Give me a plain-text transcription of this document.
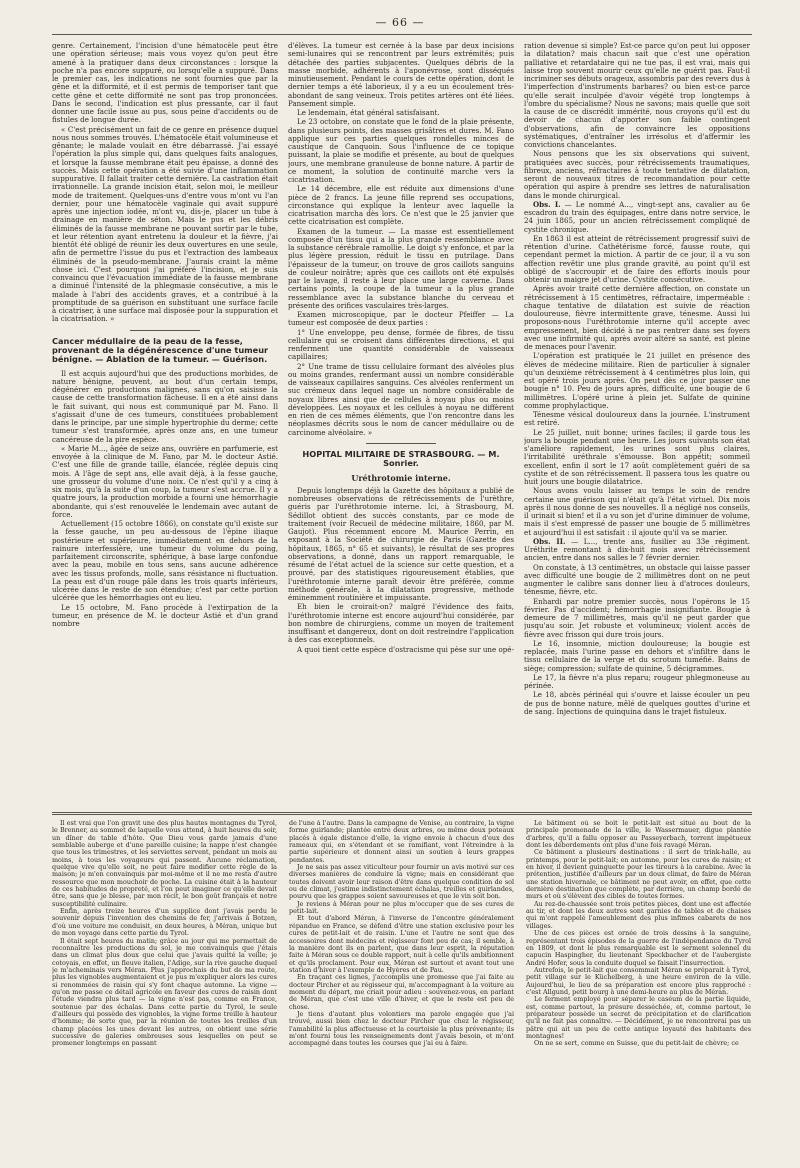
— 66 —

genre. Certainement, l'incision d'une hématocèle peut être une opération sérieuse; mais vous voyez qu'on peut être amené à la pratiquer dans deux circonstances : lorsque la poche n'a pas encore suppuré, ou lorsqu'elle a suppuré. Dans le premier cas, les indications ne sont fournies que par la gêne et la difformité, et il est permis de temporiser tant que cette gêne et cette difformité ne sont pas trop prononcées. Dans le second, l'indication est plus pressante, car il faut donner une facile issue au pus, sous peine d'accidents ou de fistules de longue durée.

« C'est précisément un fait de ce genre en présence duquel nous nous sommes trouvés. L'hématocèle était volumineuse et gênante; le malade voulait en être débarrassé. J'ai essayé l'opération la plus simple qui, dans quelques faits analogues, et lorsque la fausse membrane était peu épaisse, a donné des succès. Mais cette opération a été suivie d'une inflammation suppurative. Il fallait traiter cette dernière. La castration était irrationnelle. La grande incision était, selon moi, le meilleur mode de traitement. Quelques-uns d'entre vous m'ont vu l'an dernier, pour une hématocèle vaginale qui avait suppuré après une injection iodée, m'ont vu, dis-je, placer un tube à drainage en manière de séton. Mais le pus et les débris éliminés de la fausse membrane ne pouvant sortir par le tube, et leur rétention ayant entretenu la douleur et la fièvre, j'ai bientôt été obligé de réunir les deux ouvertures en une seule, afin de permettre l'issue du pus et l'extraction des lambeaux éliminés de la pseudo-membrane. J'aurais craint la même chose ici. C'est pourquoi j'ai préféré l'incision, et je suis convaincu que l'évacuation immédiate de la fausse membrane a diminué l'intensité de la phlegmasie consécutive, a mis le malade à l'abri des accidents graves, et a contribué à la promptitude de sa guérison en substituant une surface facile à cicatriser, à une surface mal disposée pour la suppuration et la cicatrisation. »

Cancer médullaire de la peau de la fesse, provenant de la dégénérescence d'une tumeur bénigne. — Ablation de la tumeur. — Guérison.

Il est acquis aujourd'hui que des productions morbides, de nature bénigne, peuvent, au bout d'un certain temps, dégénérer en productions malignes, sans qu'on saisisse la cause de cette transformation fâcheuse. Il en a été ainsi dans le fait suivant, qui nous est communiqué par M. Fano. Il s'agissait d'une de ces tumeurs, constituées probablement dans le principe, par une simple hypertrophie du derme; cette tumeur s'est transformée, après onze ans, en une tumeur cancéreuse de la pire espèce.

« Marie M..., âgée de seize ans, ouvrière en parfumerie, est envoyée à la clinique de M. Fano, par M. le docteur Astié. C'est une fille de grande taille, élancée, réglée depuis cinq mois. A l'âge de sept ans, elle avait déjà, à la fesse gauche, une grosseur du volume d'une noix. Ce n'est qu'il y a cinq à six mois, qu'à la suite d'un coup, la tumeur s'est accrue. Il y a quatre jours, la production morbide a fourni une hémorrhagie abondante, qui s'est renouvelée le lendemain avec autant de force.

Actuellement (15 octobre 1866), on constate qu'il existe sur la fesse gauche, un peu au-dessous de l'épine iliaque postérieure et supérieure, immédiatement en dehors de la rainure interfessière, une tumeur du volume du poing, parfaitement circonscrite, sphérique, à base large confondue avec la peau, mobile en tous sens, sans aucune adhérence avec les tissus profonds, molle, sans résistance ni fluctuation. La peau est d'un rouge pâle dans les trois quarts inférieurs, ulcérée dans le reste de son étendue; c'est par cette portion ulcérée que les hémorrhagies ont eu lieu.

Le 15 octobre, M. Fano procède à l'extirpation de la tumeur, en présence de M. le docteur Astié et d'un grand nombre

d'élèves. La tumeur est cernée à la base par deux incisions semi-lunaires qui se rencontrent par leurs extrémités; puis détachée des parties subjacentes. Quelques débris de la masse morbide, adhérents à l'aponévrose, sont disséqués minutieusement. Pendant le cours de cette opération, dont le dernier temps a été laborieux, il y a eu un écoulement très-abondant de sang veineux. Trois petites artères ont été liées. Pansement simple.

Le lendemain, état général satisfaisant.

Le 23 octobre, on constate que le fond de la plaie présente, dans plusieurs points, des masses grisâtres et dures. M. Fano applique sur ces parties quelques rondelles minces de caustique de Canquoin. Sous l'influence de ce topique puissant, la plaie se modifie et présente, au bout de quelques jours, une membrane granuleuse de bonne nature. A partir de ce moment, la solution de continuité marche vers la cicatrisation.

Le 14 décembre, elle est réduite aux dimensions d'une pièce de 2 francs. La jeune fille reprend ses occupations, circonstance qui explique la lenteur avec laquelle la cicatrisation marcha dès lors. Ce n'est que le 25 janvier que cette cicatrisation est complète.

Examen de la tumeur. — La masse est essentiellement composée d'un tissu qui a la plus grande ressemblance avec la substance cérébrale ramollie. Le doigt s'y enfonce, et par la plus légère pression, réduit le tissu en putrilage. Dans l'épaisseur de la tumeur, on trouve de gros caillots sanguins de couleur noirâtre; après que ces caillots ont été expulsés par le lavage, il reste à leur place une large caverne. Dans certains points, la coupe de la tumeur a la plus grande ressemblance avec la substance blanche du cerveau et présente des orifices vasculaires très-larges.

Examen microscopique, par le docteur Pfeiffer — La tumeur est composée de deux parties :

1° Une enveloppe, peu dense, formée de fibres, de tissu cellulaire qui se croisent dans différentes directions, et qui renferment une quantité considérable de vaisseaux capillaires;

2° Une trame de tissu cellulaire formant des alvéoles plus ou moins grandes, renfermant aussi un nombre considérable de vaisseaux capillaires sanguins. Ces alvéoles renferment un suc crémeux dans lequel nage un nombre considérable de noyaux libres ainsi que de cellules à noyau plus ou moins développées. Les noyaux et les cellules à noyau ne diffèrent en rien de ces mêmes éléments, que l'on rencontre dans les néoplasmes décrits sous le nom de cancer médullaire ou de carcinome alvéolaire. »

HOPITAL MILITAIRE DE STRASBOURG. — M. Sonrier.
Uréthrotomie interne.

Depuis longtemps déjà la Gazette des hôpitaux a publié de nombreuses observations de rétrécissements de l'urèthre, guéris par l'uréthrotomie interne. Ici, à Strasbourg, M. Sédillot obtient des succès constants, par ce mode de traitement (voir Recueil de médecine militaire, 1860, par M. Gaujot). Plus récemment encore M. Maurice Perrin, en exposant à la Société de chirurgie de Paris (Gazette des hôpitaux, 1865, n° 65 et suivants), le résultat de ses propres observations, a donné, dans un rapport remarquable, le résumé de l'état actuel de la science sur cette question, et a prouvé, par des statistiques rigoureusement établies, que l'uréthrotomie interne paraît devoir être préférée, comme méthode générale, à la dilatation progressive, méthode éminemment routinière et impuissante.

Eh bien le croirait-on? malgré l'évidence des faits, l'uréthrotomie interne est encore aujourd'hui considérée, par bon nombre de chirurgiens, comme un moyen de traitement insuffisant et dangereux, dont on doit restreindre l'application à des cas exceptionnels.

A quoi tient cette espèce d'ostracisme qui pèse sur une opé-

ration devenue si simple? Est-ce parce qu'on peut lui opposer la dilatation? mais chacun sait que c'est une opération palliative et retardataire qui ne tue pas, il est vrai, mais qui laisse trop souvent mourir ceux qu'elle ne guérit pas. Faut-il incriminer ses débuts orageux, assombris par des revers dus à l'imperfection d'instruments barbares? ou bien est-ce parce qu'elle serait inculpée d'avoir végété trop longtemps à l'ombre du spécialisme? Nous ne savons; mais quelle que soit la cause de ce discrédit immérité, nous croyons qu'il est du devoir de chacun d'apporter son faible contingent d'observations, afin de convaincre les oppositions systématiques, d'entraîner les irrésolus et d'affermir les convictions chancelantes.

Nous pensons que les six observations qui suivent, pratiquées avec succès, pour rétrécissements traumatiques, fibreux, anciens, réfractaires à toute tentative de dilatation, seront de nouveaux titres de recommandation pour cette opération qui aspire à prendre ses lettres de naturalisation dans le monde chirurgical.

Obs. I. — Le nommé A..., vingt-sept ans, cavalier au 6e escadron du train des équipages, entre dans notre service, le 24 juin 1865, pour un ancien rétrécissement compliqué de cystite chronique.

En 1863 il est atteint de rétrécissement progressif suivi de rétention d'urine. Cathétérisme forcé, fausse route, qui cependant permet la miction. A partir de ce jour, il a vu son affection revêtir une plus grande gravité, au point qu'il est obligé de s'accroupir et de faire des efforts inouïs pour obtenir un maigre jet d'urine. Cystite consécutive.

Après avoir traité cette dernière affection, on constate un rétrécissement à 15 centimètres, réfractaire, imperméable : chaque tentative de dilatation est suivie de réaction douloureuse, fièvre intermittente grave, ténesme. Aussi lui proposons-nous l'uréthrotomie interne qu'il accepte avec empressement, bien décidé à ne pas rentrer dans ses foyers avec une infirmité qui, après avoir altéré sa santé, est pleine de menaces pour l'avenir.

L'opération est pratiquée le 21 juillet en présence des élèves de médecine militaire. Rien de particulier à signaler qu'un deuxième rétrécissement à 4 centimètres plus loin, qui est opéré trois jours après. On peut dès ce jour passer une bougie n° 10. Peu de jours après, difficulté, une bougie de 6 millimètres. L'opéré urine à plein jet. Sulfate de quinine comme prophylactique.

Ténesme vésical douloureux dans la journée. L'instrument est retiré.

Le 25 juillet, nuit bonne; urines faciles; il garde tous les jours la bougie pendant une heure. Les jours suivants son état s'améliore rapidement, les urines sont plus claires, l'irritabilité uréthrale s'émousse. Bon appétit; sommeil excellent, enfin il sort le 17 août complètement guéri de sa cystite et de son rétrécissement. Il passera tous les quatre ou huit jours une bougie dilatatrice.

Nous avons voulu laisser au temps le soin de rendre certaine une guérison qui n'était qu'à l'état virtuel. Dix mois après il nous donne de ses nouvelles. Il a négligé nos conseils, il urinait si bien! et il a vu son jet d'urine diminuer de volume, mais il s'est empressé de passer une bougie de 5 millimètres et aujourd'hui il est satisfait : il ajoute qu'il va se marier.

Obs. II. — L..., trente ans, fusilier au 33e régiment. Uréthrite remontant à dix-huit mois avec rétrécissement ancien, entre dans nos salles le 7 février dernier.

On constate, à 13 centimètres, un obstacle qui laisse passer avec difficulté une bougie de 2 millimètres dont on ne peut augmenter le calibre sans donner lieu à d'atroces douleurs, ténesme, fièvre, etc.

Enhardi par notre premier succès, nous l'opérons le 15 février. Pas d'accident; hémorrhagie insignifiante. Bougie à demeure de 7 millimètres, mais qu'il ne peut garder que jusqu'au soir. Jet robuste et volumineux; violent accès de fièvre avec frisson qui dure trois jours.

Le 16, insomnie, miction douloureuse; la bougie est replacée, mais l'urine passe en dehors et s'infiltre dans le tissu cellulaire de la verge et du scrotum tuméfié. Bains de siège; compression; sulfate de quinine, 5 décigrammes.

Le 17, la fièvre n'a plus reparu; rougeur phlegmoneuse au périnée.

Le 18, abcès périnéal qui s'ouvre et laisse écouler un peu de pus de bonne nature, mêlé de quelques gouttes d'urine et de sang. Injections de quinquina dans le trajet fistuleux.

Il est vrai que l'on gravit une des plus hautes montagnes du Tyrol, le Brenner, au sommet de laquelle vous attend, à huit heures du soir, un dîner de table d'hôte. Que Dieu vous garde jamais d'une semblable auberge et d'une pareille cuisine; la nappe n'est changée que tous les trimestres, et les serviettes servent, pendant un mois au moins, à tous les voyageurs qui passent. Aucune réclamation, quelque vive qu'elle soit, ne peut faire modifier cette règle de la maison; je m'en convainquis par moi-même et il ne me resta d'autre ressource que mon mouchoir de poche. La cuisine était à la hauteur de ces habitudes de propreté, et l'on peut imaginer ce qu'elle devait être, sans que je blesse, par mon récit, le bon goût français et notre susceptibilité culinaire.

Enfin, après treize heures d'un supplice dont j'avais perdu le souvenir depuis l'invention des chemins de fer, j'arrivais à Botzen, d'où une voiture me conduisit, en deux heures, à Méran, unique but de mon voyage dans cette partie du Tyrol.

Il était sept heures du matin; grâce au jour qui me permettait de reconnaître les productions du sol, je me convainquis que j'étais dans un climat plus doux que celui que j'avais quitté la veille; je cotoyais, en effet, un fleuve italien, l'Adige, sur la rive gauche duquel je m'acheminais vers Méran. Plus j'approchais du but de ma route, plus les vignobles augmentaient et je pus m'expliquer alors les cures si renommées de raisin qui s'y font chaque automne. La vigne — qu'on me passe ce détail agricole en faveur des cures de raisin dont l'étude viendra plus tard — la vigne n'est pas, comme en France, soutenue par des échalas. Dans cette partie du Tyrol, le seule d'ailleurs qui possède des vignobles, la vigne forme treille à hauteur d'homme; de sorte que, par la réunion de toutes les treilles d'un champ placées les unes devant les autres, on obtient une série successive de galeries ombreuses sous lesquelles on peut se promener longtemps en passant

de l'une à l'autre. Dans la campagne de Venise, au contraire, la vigne forme guirlande; plantée entre deux arbres, ou même deux poteaux placés à égale distance d'elle, la vigne envoie à chacun d'eux des rameaux qui, en s'étendant et se ramifiant, vont l'étreindre à la partie supérieure et donnent ainsi un soutien à leurs grappes pendantes.

Je ne sais pas assez viticulteur pour fournir un avis motivé sur ces diverses manières de conduire la vigne; mais en considérant que toutes doivent avoir leur raison d'être dans quelque condition de sol ou de climat, j'estime indistinctement échalas, treilles et guirlandes, pourvu que les grappes soient savoureuses et que le vin soit bon.

Je reviens à Méran pour ne plus m'occuper que de ses cures de petit-lait.

Et tout d'abord Méran, à l'inverse de l'encontre généralement répandue en France, se défend d'être une station exclusive pour les cures de petit-lait et de raisin. L'une et l'autre ne sont que des accessoires dont médecins et régisseur font peu de cas; il semble, à la manière dont ils en parlent, que dans leur esprit, la réputation faite à Méran sous ce double rapport, nuit à celle qu'ils ambitionnent et qu'ils proclament. Pour eux, Méran est surtout et avant tout une station d'hiver à l'exemple de Hyères et de Pau.

En traçant ces lignes, j'accomplis une promesse que j'ai faite au docteur Pircher et au régisseur qui, m'accompagnant à la voiture au moment du départ, me criait pour adieu : souvenez-vous, en parlant de Méran, que c'est une ville d'hiver, et que le reste est peu de chose.

Je tiens d'autant plus volontiers ma parole engagée que j'ai trouvé, aussi bien chez le docteur Pircher que chez le régisseur, l'amabilité la plus affectueuse et la courtoisie la plus prévenante; ils m'ont fourni tous les renseignements dont j'avais besoin, et m'ont accompagné dans toutes les courses que j'ai eu à faire.

Le bâtiment où se boit le petit-lait est situé au bout de la principale promenade de la ville, le Wassermauer, digue plantée d'arbres, qu'il a fallu opposer au Passeyerbach, torrent impétueux dont les débordements ont plus d'une fois ravagé Méran.

Ce bâtiment a plusieurs destinations : il sert de trink-halle, au printemps, pour le petit-lait; en automne, pour les cures de raisin; et en hiver, il devient guinguette pour les tireurs à la carabine. Avec la prétention, justifiée d'ailleurs par un doux climat, de faire de Méran une station hivernale, ce bâtiment ne peut avoir, en effet, que cette dernière destination que complète, par derrière, un champ bordé de murs et où s'élèvent des cibles de toutes formes.

Au rez-de-chaussée sont trois petites pièces, dont une est affectée au tir, et dont les deux autres sont garnies de tables et de chaises qui m'ont rappelé l'ameublement des plus infimes cabarets de nos villages.

Une de ces pièces est ornée de trois dessins à la sanguine, représentant trois épisodes de la guerre de l'indépendance du Tyrol en 1809, et dont le plus remarquable est le serment solennel du capucin Haspingher, du lieutenant Speckbacher et de l'aubergiste André Hofer, sous la conduite duquel se faisait l'insurrection.

Autrefois, le petit-lait que consommait Méran se préparait à Tyrol, petit village sur le Küchelberg, à une heure environ de la ville. Aujourd'hui, le lieu de sa préparation est encore plus rapproché : c'est Allgund, petit bourg à une demi-heure au plus de Méran.

Le ferment employé pour séparer le caséum de la partie liquide, est, comme partout, la présure desséchée, et, comme partout, le préparateur possède un secret de précipitation et de clarification qu'il ne fait pas connaître. — Décidément, je ne rencontrerai pas un pâtre qui ait un peu de cette antique loyauté des habitants des montagnes!

On ne se sert, comme en Suisse, que du petit-lait de chèvre; ce
